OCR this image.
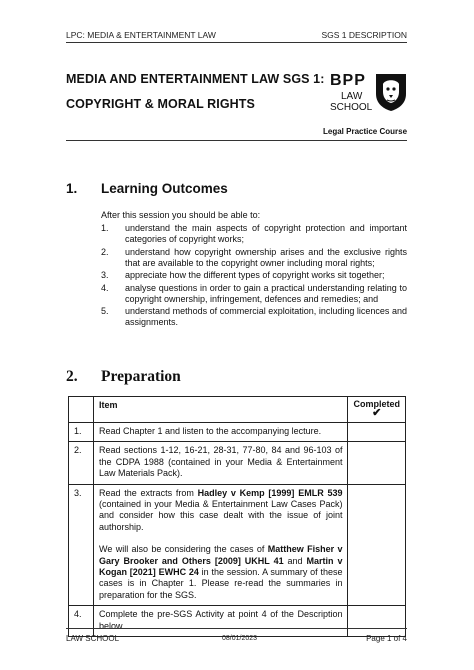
LPC: MEDIA & ENTERTAINMENT LAW	SGS 1 DESCRIPTION
MEDIA AND ENTERTAINMENT LAW SGS 1:
COPYRIGHT & MORAL RIGHTS
BPP
LAW
SCHOOL
Legal Practice Course
1. Learning Outcomes
After this session you should be able to:
1. understand the main aspects of copyright protection and important categories of copyright works;
2. understand how copyright ownership arises and the exclusive rights that are available to the copyright owner including moral rights;
3. appreciate how the different types of copyright works sit together;
4. analyse questions in order to gain a practical understanding relating to copyright ownership, infringement, defences and remedies; and
5. understand methods of commercial exploitation, including licences and assignments.
2. Preparation
	Item	Completed
✔
1.	Read Chapter 1 and listen to the accompanying lecture.	
2.	Read sections 1-12, 16-21, 28-31, 77-80, 84 and 96-103 of the CDPA 1988 (contained in your Media & Entertainment Law Materials Pack).	
3.	Read the extracts from Hadley v Kemp [1999] EMLR 539 (contained in your Media & Entertainment Law Cases Pack) and consider how this case dealt with the issue of joint authorship.
We will also be considering the cases of Matthew Fisher v Gary Brooker and Others [2009] UKHL 41 and Martin v Kogan [2021] EWHC 24 in the session. A summary of these cases is in Chapter 1. Please re-read the summaries in preparation for the SGS.	

4.	Complete the pre-SGS Activity at point 4 of the Description below.	
LAW SCHOOL	08/01/2023	Page 1 of 4
